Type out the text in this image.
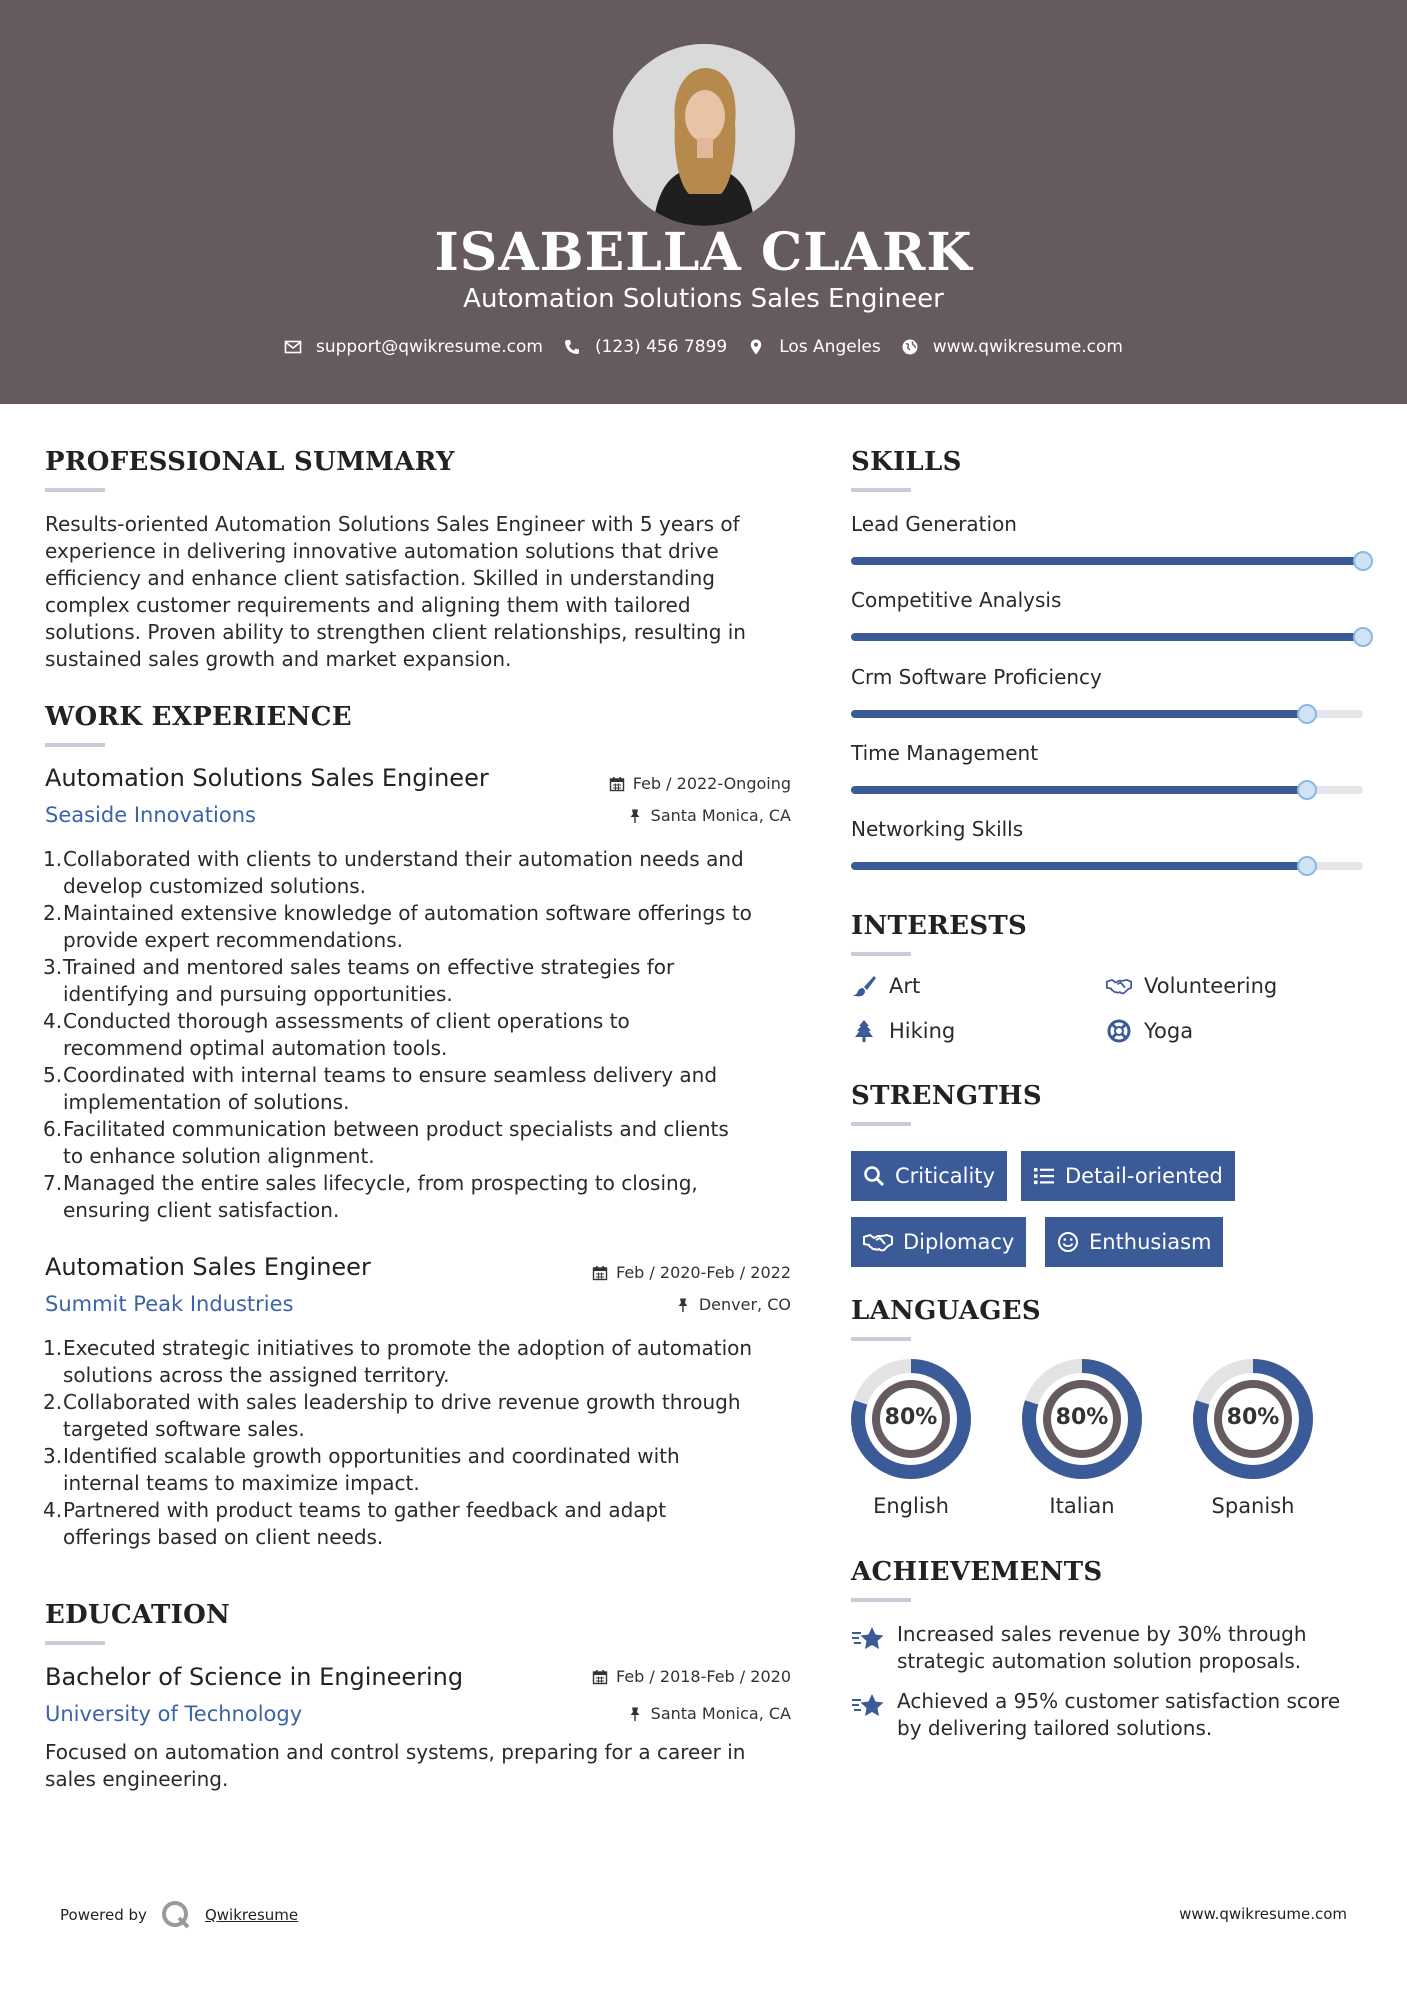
ISABELLA CLARK
Automation Solutions Sales Engineer
support@qwikresume.com	(123) 456 7899	Los Angeles	www.qwikresume.com
PROFESSIONAL SUMMARY
Results-oriented Automation Solutions Sales Engineer with 5 years of
experience in delivering innovative automation solutions that drive
efficiency and enhance client satisfaction. Skilled in understanding
complex customer requirements and aligning them with tailored
solutions. Proven ability to strengthen client relationships, resulting in
sustained sales growth and market expansion.
WORK EXPERIENCE
Automation Solutions Sales Engineer
Seaside Innovations
Feb / 2022-Ongoing
Santa Monica, CA
1. Collaborated with clients to understand their automation needs and
develop customized solutions.
2. Maintained extensive knowledge of automation software offerings to
provide expert recommendations.
3. Trained and mentored sales teams on effective strategies for
identifying and pursuing opportunities.
4. Conducted thorough assessments of client operations to
recommend optimal automation tools.
5. Coordinated with internal teams to ensure seamless delivery and
implementation of solutions.
6. Facilitated communication between product specialists and clients
to enhance solution alignment.
7. Managed the entire sales lifecycle, from prospecting to closing,
ensuring client satisfaction.
Automation Sales Engineer
Summit Peak Industries
Feb / 2020-Feb / 2022
Denver, CO
1. Executed strategic initiatives to promote the adoption of automation
solutions across the assigned territory.
2. Collaborated with sales leadership to drive revenue growth through
targeted software sales.
3. Identified scalable growth opportunities and coordinated with
internal teams to maximize impact.
4. Partnered with product teams to gather feedback and adapt
offerings based on client needs.
EDUCATION
Bachelor of Science in Engineering
University of Technology
Feb / 2018-Feb / 2020
Santa Monica, CA
Focused on automation and control systems, preparing for a career in
sales engineering.
SKILLS
Lead Generation
Competitive Analysis
Crm Software Proficiency
Time Management
Networking Skills
INTERESTS
Art	Volunteering
Hiking	Yoga
STRENGTHS
Criticality	Detail-oriented
Diplomacy	Enthusiasm
LANGUAGES
80%
English
80%
Italian
80%
Spanish
ACHIEVEMENTS
Increased sales revenue by 30% through
strategic automation solution proposals.
Achieved a 95% customer satisfaction score
by delivering tailored solutions.
Powered by	Qwikresume	www.qwikresume.com
